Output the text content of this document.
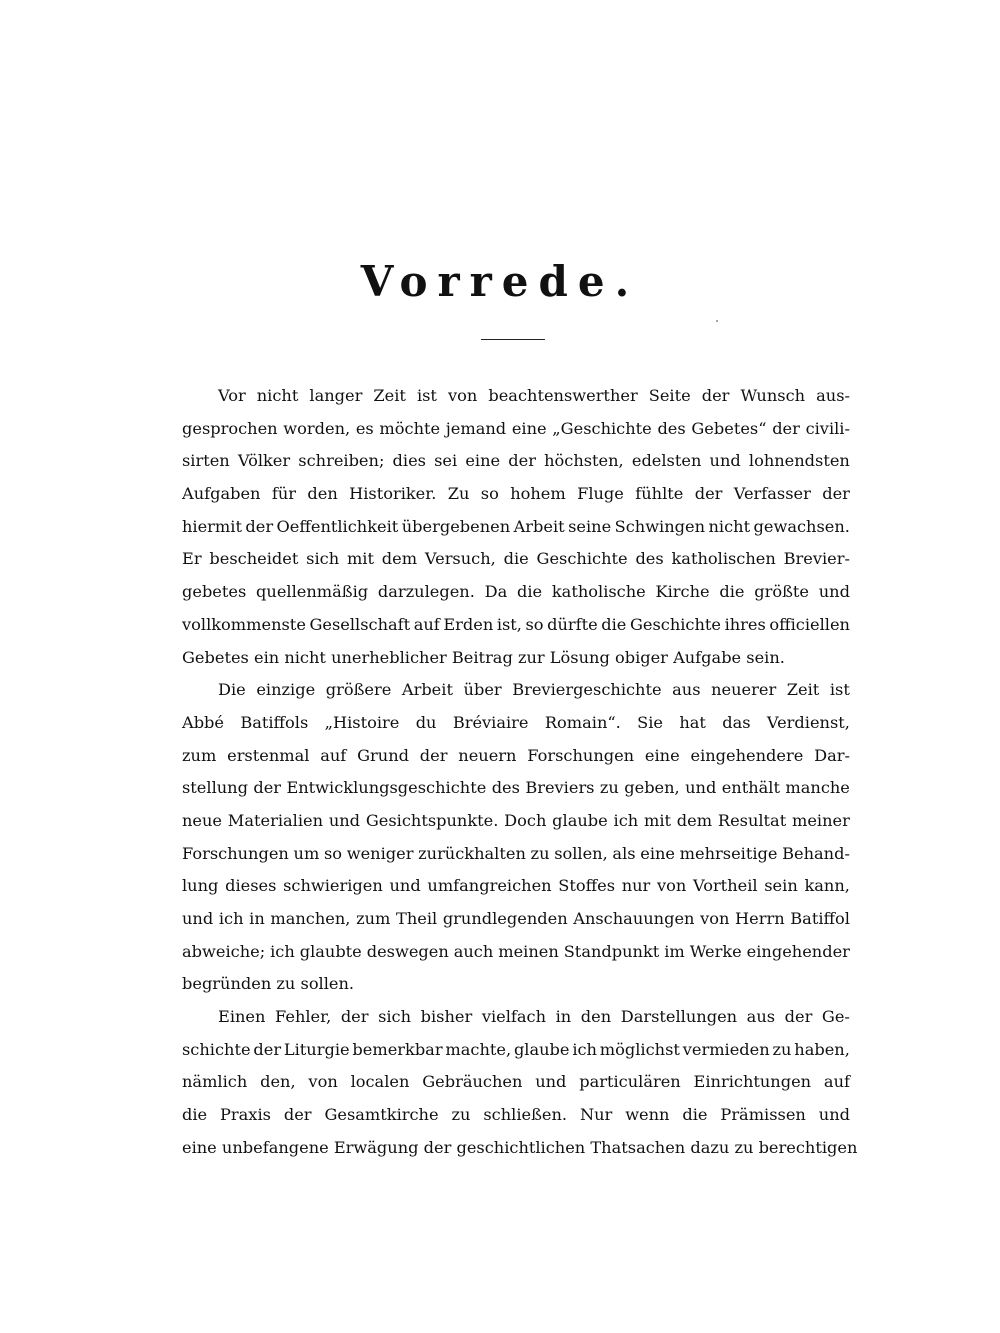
Vorrede.
Vor nicht langer Zeit ist von beachtenswerther Seite der Wunsch aus-
gesprochen worden, es möchte jemand eine „Geschichte des Gebetes“ der civili-
sirten Völker schreiben; dies sei eine der höchsten, edelsten und lohnendsten
Aufgaben für den Historiker. Zu so hohem Fluge fühlte der Verfasser der
hiermit der Oeffentlichkeit übergebenen Arbeit seine Schwingen nicht gewachsen.
Er bescheidet sich mit dem Versuch, die Geschichte des katholischen Brevier-
gebetes quellenmäßig darzulegen. Da die katholische Kirche die größte und
vollkommenste Gesellschaft auf Erden ist, so dürfte die Geschichte ihres officiellen
Gebetes ein nicht unerheblicher Beitrag zur Lösung obiger Aufgabe sein.
Die einzige größere Arbeit über Breviergeschichte aus neuerer Zeit ist
Abbé Batiffols „Histoire du Bréviaire Romain“. Sie hat das Verdienst,
zum erstenmal auf Grund der neuern Forschungen eine eingehendere Dar-
stellung der Entwicklungsgeschichte des Breviers zu geben, und enthält manche
neue Materialien und Gesichtspunkte. Doch glaube ich mit dem Resultat meiner
Forschungen um so weniger zurückhalten zu sollen, als eine mehrseitige Behand-
lung dieses schwierigen und umfangreichen Stoffes nur von Vortheil sein kann,
und ich in manchen, zum Theil grundlegenden Anschauungen von Herrn Batiffol
abweiche; ich glaubte deswegen auch meinen Standpunkt im Werke eingehender
begründen zu sollen.
Einen Fehler, der sich bisher vielfach in den Darstellungen aus der Ge-
schichte der Liturgie bemerkbar machte, glaube ich möglichst vermieden zu haben,
nämlich den, von localen Gebräuchen und particulären Einrichtungen auf
die Praxis der Gesamtkirche zu schließen. Nur wenn die Prämissen und
eine unbefangene Erwägung der geschichtlichen Thatsachen dazu zu berechtigen
